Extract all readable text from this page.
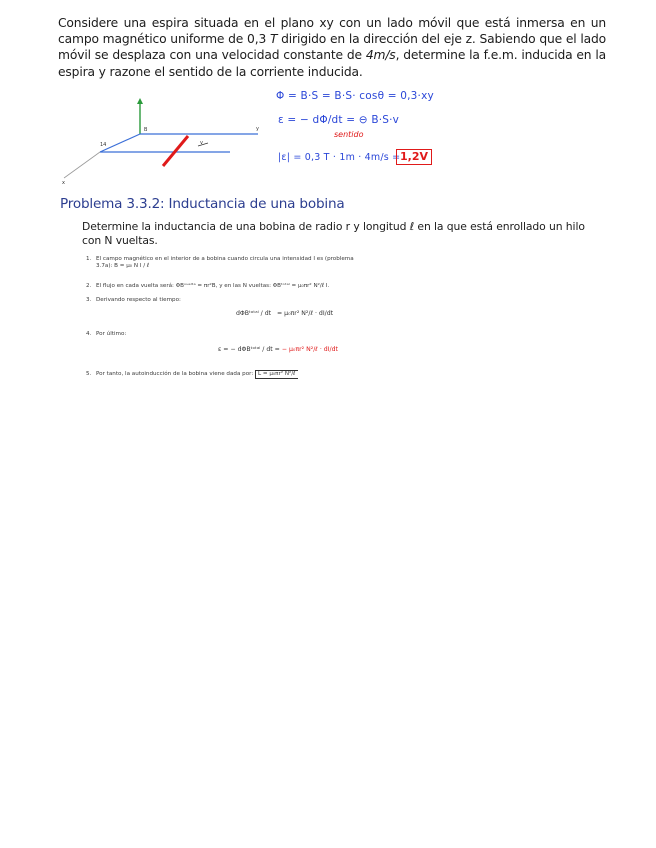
Considere una espira situada en el plano xy con un lado móvil que está inmersa en un campo magnético uniforme de 0,3 T dirigido en la dirección del eje z. Sabiendo que el lado móvil se desplaza con una velocidad constante de 4m/s, determine la f.e.m. inducida en la espira y razone el sentido de la corriente inducida.
B	y
14
x
v
Φ = B·S = B·S· cosθ = 0,3·xy
ε = − dΦ/dt = ⊖ B·S·v
sentido
|ε| = 0,3 T · 1m · 4m/s = 1,2V
Problema 3.3.2: Inductancia de una bobina
Determine la inductancia de una bobina de radio r y longitud ℓ en la que está enrollado un hilo con N vueltas.
1. El campo magnético en el interior de a bobina cuando circula una intensidad I es (problema
3.7a): B = μ₀ N I / ℓ
2. El flujo en cada vuelta será: ΦBᵛᵘᵉˡᵗᵃ = πr²B, y en las N vueltas: ΦBᵗᵒᵗᵃˡ = μ₀πr² N²/ℓ I.
3. Derivando respecto al tiempo:
dΦBᵗᵒᵗᵃˡ / dt = μ₀πr² N²/ℓ · dI/dt
4. Por último:
ε = − dΦBᵗᵒᵗᵃˡ / dt = − μ₀πr² N²/ℓ · dI/dt
5. Por tanto, la autoinducción de la bobina viene dada por: L = μ₀πr² N²/ℓ
